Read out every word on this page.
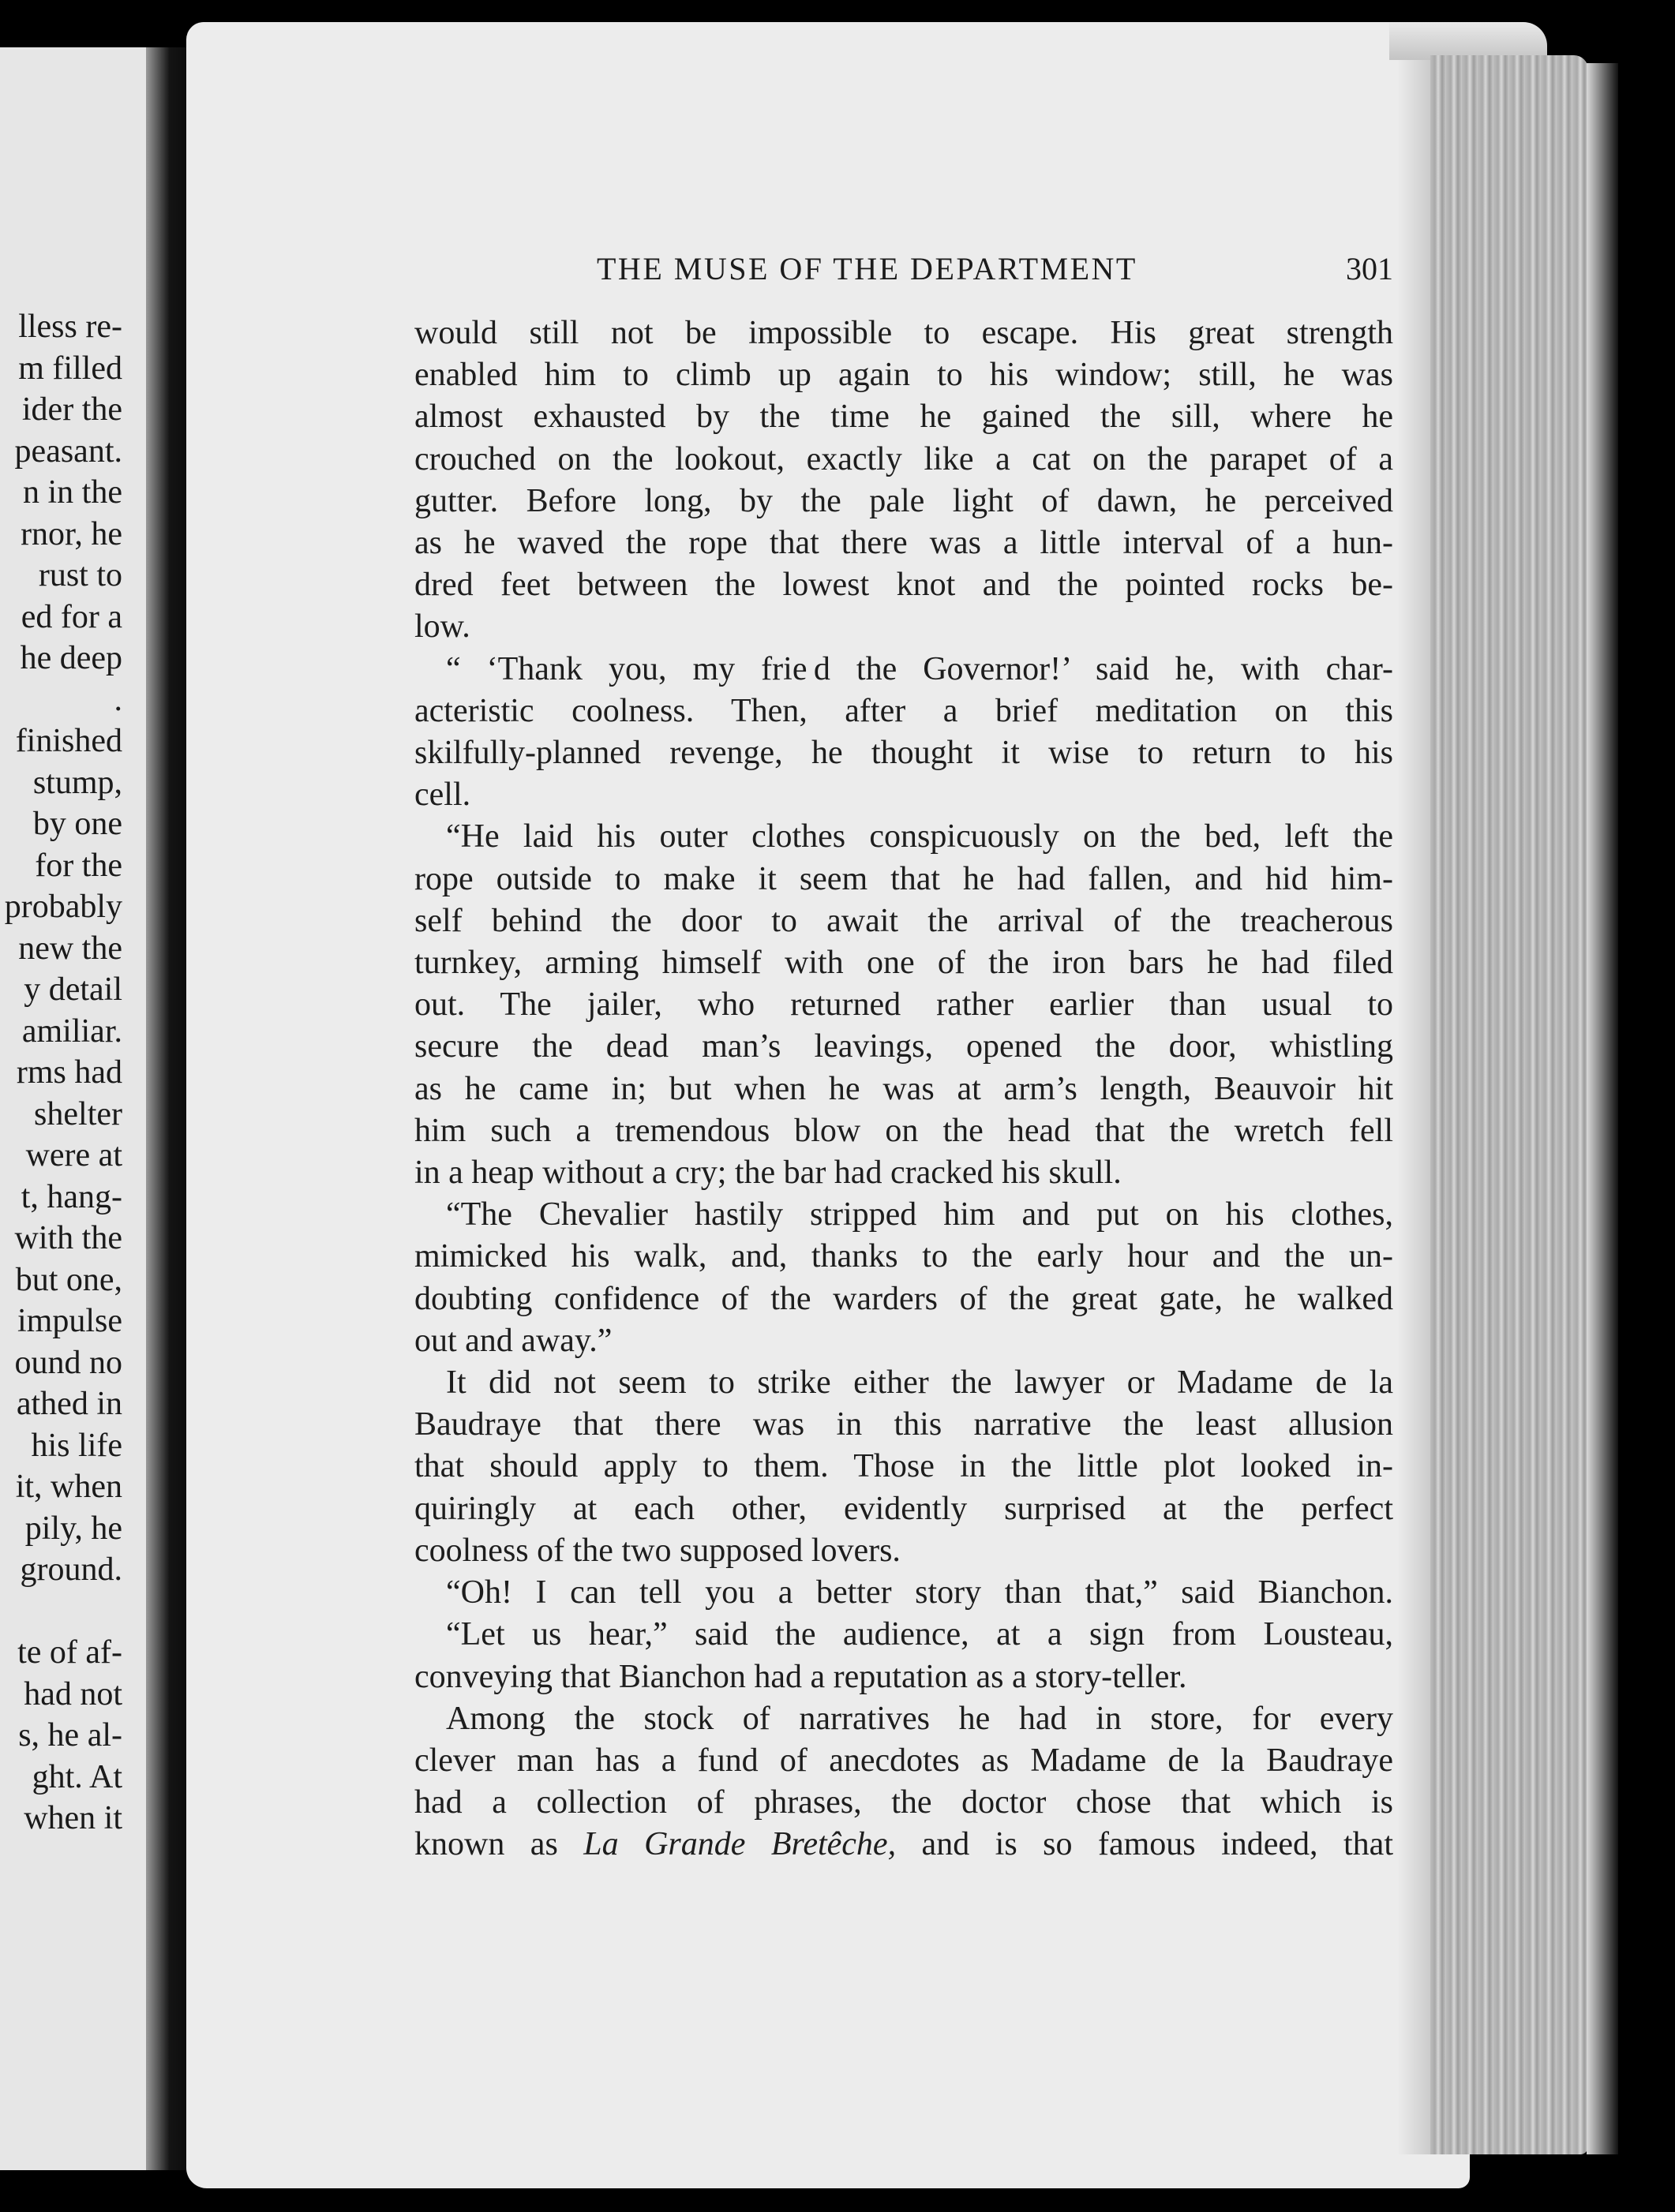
lless re-
m filled
ider the
peasant.
n in the
rnor, he
rust to
ed for a
he deep
.
finished
stump,
by one
for the
probably
new the
y detail
amiliar.
rms had
shelter
were at
t, hang-
with the
but one,
impulse
ound no
athed in
his life
it, when
pily, he
ground.

te of af-
had not
s, he al-
ght. At
when it
THE MUSE OF THE DEPARTMENT	301
would still not be impossible to escape. His great strength
enabled him to climb up again to his window; still, he was
almost exhausted by the time he gained the sill, where he
crouched on the lookout, exactly like a cat on the parapet of a
gutter. Before long, by the pale light of dawn, he perceived
as he waved the rope that there was a little interval of a hun-
dred feet between the lowest knot and the pointed rocks be-
low.
“ ‘Thank you, my frie d the Governor!’ said he, with char-
acteristic coolness. Then, after a brief meditation on this
skilfully-planned revenge, he thought it wise to return to his
cell.
“He laid his outer clothes conspicuously on the bed, left the
rope outside to make it seem that he had fallen, and hid him-
self behind the door to await the arrival of the treacherous
turnkey, arming himself with one of the iron bars he had filed
out. The jailer, who returned rather earlier than usual to
secure the dead man’s leavings, opened the door, whistling
as he came in; but when he was at arm’s length, Beauvoir hit
him such a tremendous blow on the head that the wretch fell
in a heap without a cry; the bar had cracked his skull.
“The Chevalier hastily stripped him and put on his clothes,
mimicked his walk, and, thanks to the early hour and the un-
doubting confidence of the warders of the great gate, he walked
out and away.”
It did not seem to strike either the lawyer or Madame de la
Baudraye that there was in this narrative the least allusion
that should apply to them. Those in the little plot looked in-
quiringly at each other, evidently surprised at the perfect
coolness of the two supposed lovers.
“Oh! I can tell you a better story than that,” said Bianchon.
“Let us hear,” said the audience, at a sign from Lousteau,
conveying that Bianchon had a reputation as a story-teller.
Among the stock of narratives he had in store, for every
clever man has a fund of anecdotes as Madame de la Baudraye
had a collection of phrases, the doctor chose that which is
known as La Grande Bretêche, and is so famous indeed, that
